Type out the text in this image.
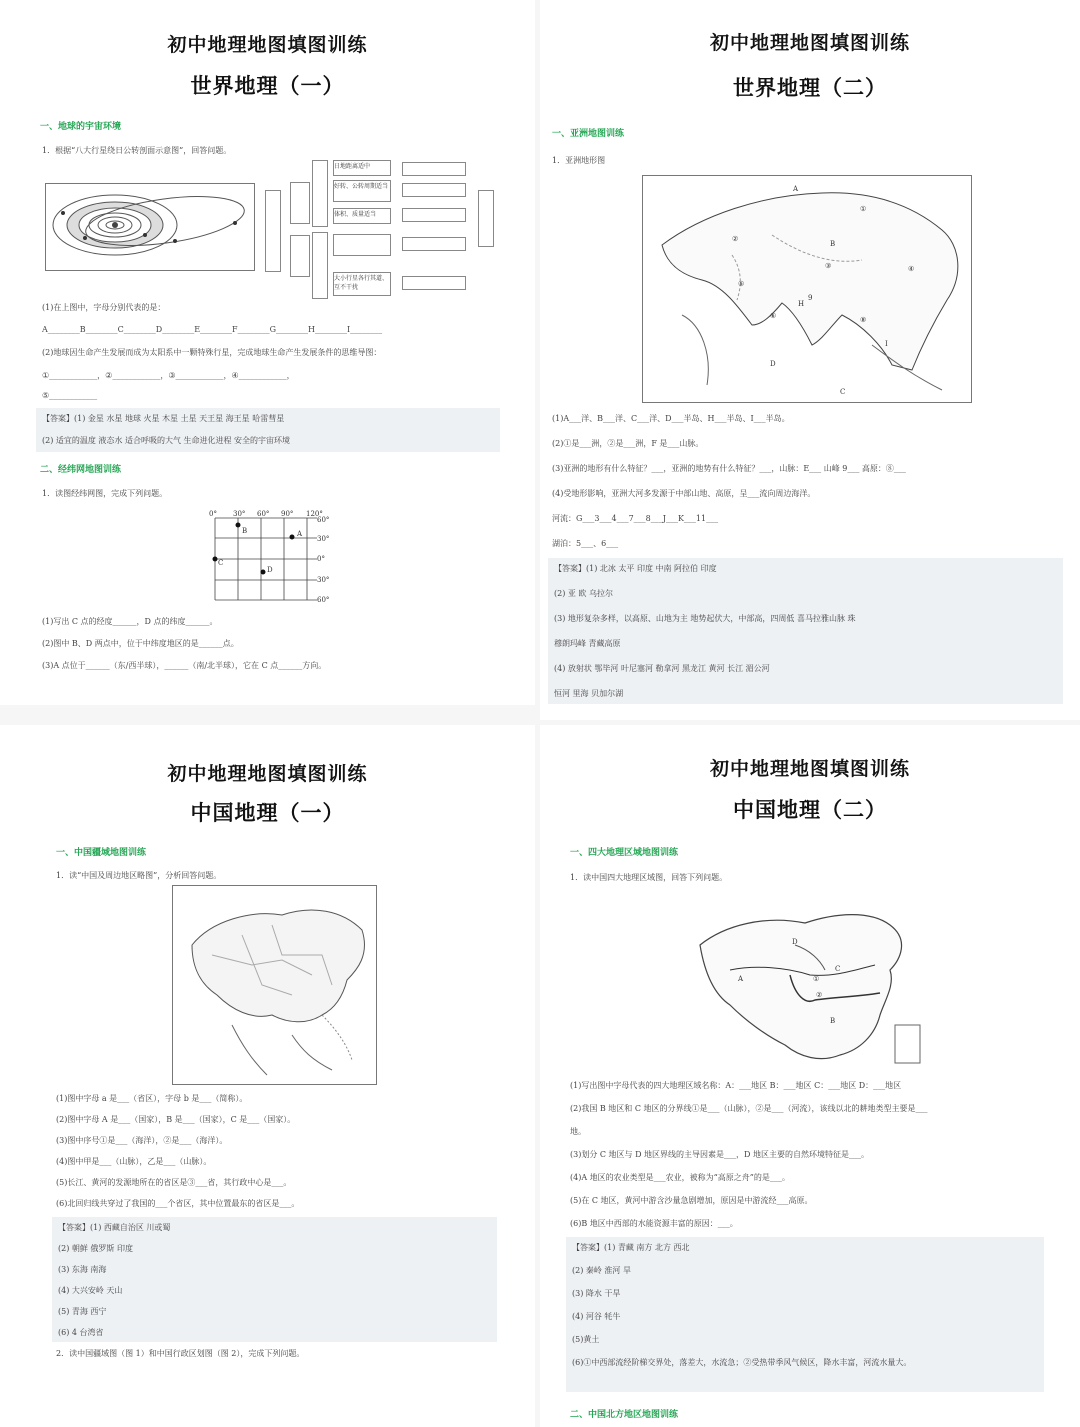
初中地理地图填图训练
世界地理（一）
一、地球的宇宙环境
1．根据“八大行星绕日公转剖面示意图”，回答问题。
日地距离适中
好转、公转周期适当
体积、质量适当
大小行星各行其道、互不干扰
(1)在上图中，字母分别代表的是：
A________B________C________D________E________F________G________H________I________
(2)地球因生命产生发展而成为太阳系中一颗特殊行星，完成地球生命产生发展条件的思维导图：
①____________，②____________，③____________，④____________，
⑤____________
【答案】(1) 金星 水星 地球 火星 木星 土星 天王星 海王星 哈雷彗星
(2) 适宜的温度 液态水 适合呼吸的大气 生命进化进程 安全的宇宙环境
二、经纬网地图训练
1．读图经纬网图，完成下列问题。
0° 30° 60° 90° 120°
60°
30°
0°
30°
60°
A
B
C
D
(1)写出 C 点的经度______，D 点的纬度______。
(2)图中 B、D 两点中，位于中纬度地区的是______点。
(3)A 点位于______（东/西半球），______（南/北半球），它在 C 点______方向。
初中地理地图填图训练
世界地理（二）
一、亚洲地图训练
1．亚洲地形图
A
B
C
D
H
I
①
②
③	④
⑤
⑥	⑧
9
(1)A___洋、B___洋、C___洋、D___半岛、H___半岛、I___半岛。
(2)①是___洲，②是___洲，F 是___山脉。
(3)亚洲的地形有什么特征？___，亚洲的地势有什么特征？___，山脉：E___ 山峰 9___ 高原：⑧___
(4)受地形影响，亚洲大河多发源于中部山地、高原，呈___流向周边海洋。
河流：G___3___4___7___8___J___K___11___
湖泊：5___、6___
【答案】(1) 北冰 太平 印度 中南 阿拉伯 印度
(2) 亚 欧 乌拉尔
(3) 地形复杂多样，以高原、山地为主 地势起伏大，中部高，四周低 喜马拉雅山脉 珠
穆朗玛峰 青藏高原
(4) 放射状 鄂毕河 叶尼塞河 勒拿河 黑龙江 黄河 长江 湄公河
恒河 里海 贝加尔湖
初中地理地图填图训练
中国地理（一）
一、中国疆域地图训练
1．读“中国及周边地区略图”，分析回答问题。
(1)图中字母 a 是___（省区），字母 b 是___（简称）。
(2)图中字母 A 是___（国家），B 是___（国家），C 是___（国家）。
(3)图中序号①是___（海洋），②是___（海洋）。
(4)图中甲是___（山脉），乙是___（山脉）。
(5)长江、黄河的发源地所在的省区是③___省，其行政中心是___。
(6)北回归线共穿过了我国的___个省区，其中位置最东的省区是___。
【答案】(1) 西藏自治区 川或蜀
(2) 朝鲜 俄罗斯 印度
(3) 东海 南海
(4) 大兴安岭 天山
(5) 青海 西宁
(6) 4 台湾省
2．读中国疆域图（图 1）和中国行政区划图（图 2），完成下列问题。
初中地理地图填图训练
中国地理（二）
一、四大地理区域地图训练
1．读中国四大地理区域图，回答下列问题。
D
A
C
B
①
②
(1)写出图中字母代表的四大地理区域名称：A：___地区 B：___地区 C：___地区 D：___地区
(2)我国 B 地区和 C 地区的分界线①是___（山脉），②是___（河流），该线以北的耕地类型主要是___
地。
(3)划分 C 地区与 D 地区界线的主导因素是___，D 地区主要的自然环境特征是___。
(4)A 地区的农业类型是___农业，被称为“高原之舟”的是___。
(5)在 C 地区，黄河中游含沙量急剧增加，原因是中游流经___高原。
(6)B 地区中西部的水能资源丰富的原因：___。
【答案】(1) 青藏 南方 北方 西北
(2) 秦岭 淮河 旱
(3) 降水 干旱
(4) 河谷 牦牛
(5)黄土
(6)①中西部流经阶梯交界处，落差大，水流急；②受热带季风气候区，降水丰富，河流水量大。
二、中国北方地区地图训练
